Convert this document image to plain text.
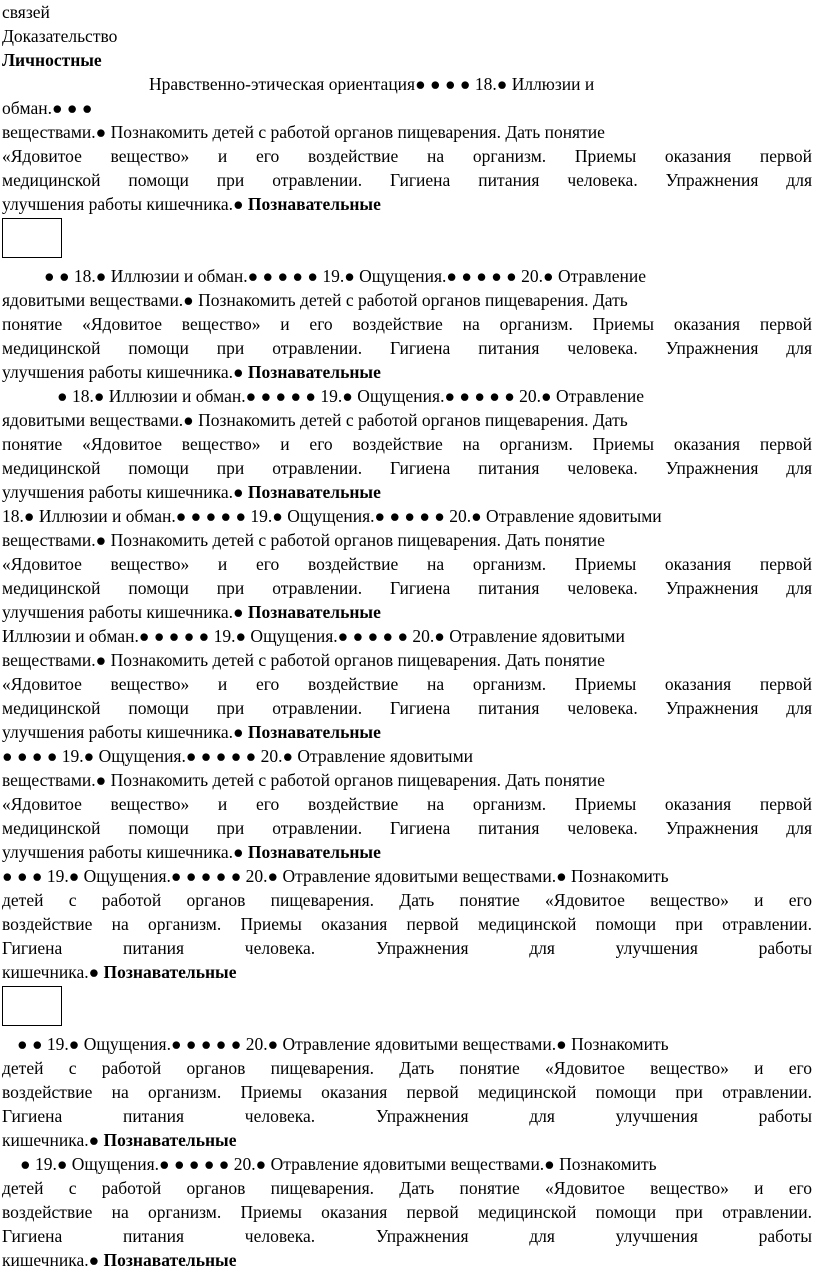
связей
Доказательство
Личностные
Нравственно-этическая ориентация● ● ● ● 18.● Иллюзии и
обман.● ● ●
веществами.● Познакомить детей с работой органов пищеварения. Дать понятие
«Ядовитое вещество» и его воздействие на организм. Приемы оказания первой
медицинской помощи при отравлении. Гигиена питания человека. Упражнения для
улучшения работы кишечника.● Познавательные
● ● 18.● Иллюзии и обман.● ● ● ● ● 19.● Ощущения.● ● ● ● ● 20.● Отравление
ядовитыми веществами.● Познакомить детей с работой органов пищеварения. Дать
понятие «Ядовитое вещество» и его воздействие на организм. Приемы оказания первой
медицинской помощи при отравлении. Гигиена питания человека. Упражнения для
улучшения работы кишечника.● Познавательные
● 18.● Иллюзии и обман.● ● ● ● ● 19.● Ощущения.● ● ● ● ● 20.● Отравление
ядовитыми веществами.● Познакомить детей с работой органов пищеварения. Дать
понятие «Ядовитое вещество» и его воздействие на организм. Приемы оказания первой
медицинской помощи при отравлении. Гигиена питания человека. Упражнения для
улучшения работы кишечника.● Познавательные
18.● Иллюзии и обман.● ● ● ● ● 19.● Ощущения.● ● ● ● ● 20.● Отравление ядовитыми
веществами.● Познакомить детей с работой органов пищеварения. Дать понятие
«Ядовитое вещество» и его воздействие на организм. Приемы оказания первой
медицинской помощи при отравлении. Гигиена питания человека. Упражнения для
улучшения работы кишечника.● Познавательные
Иллюзии и обман.● ● ● ● ● 19.● Ощущения.● ● ● ● ● 20.● Отравление ядовитыми
веществами.● Познакомить детей с работой органов пищеварения. Дать понятие
«Ядовитое вещество» и его воздействие на организм. Приемы оказания первой
медицинской помощи при отравлении. Гигиена питания человека. Упражнения для
улучшения работы кишечника.● Познавательные
● ● ● ● 19.● Ощущения.● ● ● ● ● 20.● Отравление ядовитыми
веществами.● Познакомить детей с работой органов пищеварения. Дать понятие
«Ядовитое вещество» и его воздействие на организм. Приемы оказания первой
медицинской помощи при отравлении. Гигиена питания человека. Упражнения для
улучшения работы кишечника.● Познавательные
● ● ● 19.● Ощущения.● ● ● ● ● 20.● Отравление ядовитыми веществами.● Познакомить
детей с работой органов пищеварения. Дать понятие «Ядовитое вещество» и его
воздействие на организм. Приемы оказания первой медицинской помощи при отравлении.
Гигиена питания человека. Упражнения для улучшения работы
кишечника.● Познавательные
● ● 19.● Ощущения.● ● ● ● ● 20.● Отравление ядовитыми веществами.● Познакомить
детей с работой органов пищеварения. Дать понятие «Ядовитое вещество» и его
воздействие на организм. Приемы оказания первой медицинской помощи при отравлении.
Гигиена питания человека. Упражнения для улучшения работы
кишечника.● Познавательные
● 19.● Ощущения.● ● ● ● ● 20.● Отравление ядовитыми веществами.● Познакомить
детей с работой органов пищеварения. Дать понятие «Ядовитое вещество» и его
воздействие на организм. Приемы оказания первой медицинской помощи при отравлении.
Гигиена питания человека. Упражнения для улучшения работы
кишечника.● Познавательные
